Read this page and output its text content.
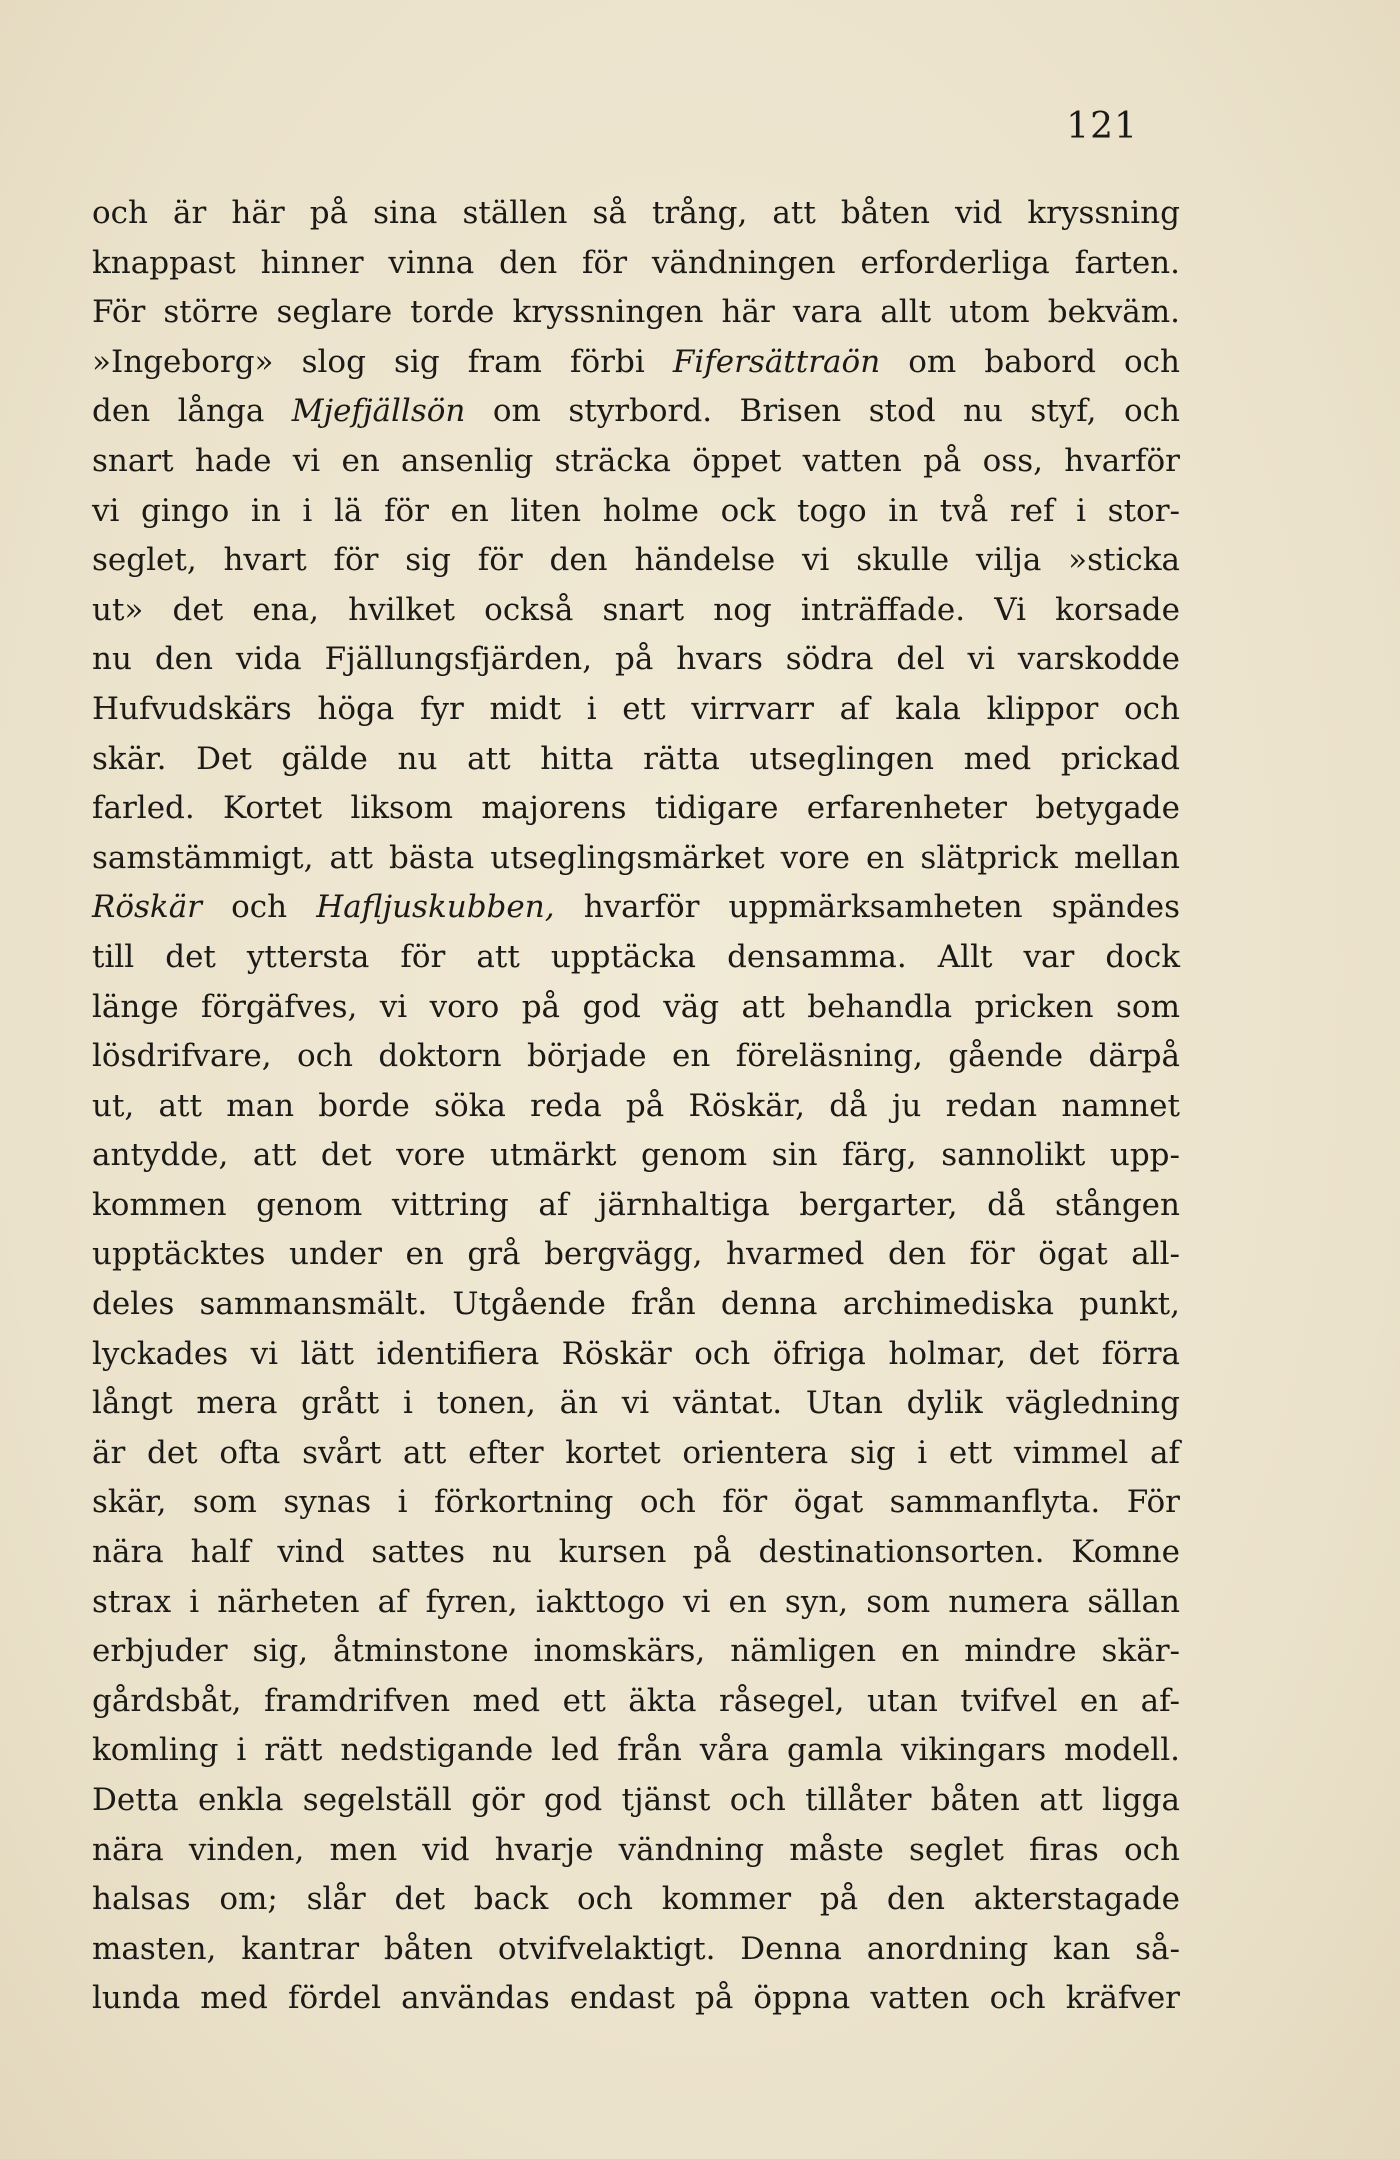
121
och är här på sina ställen så trång, att båten vid kryssning
knappast hinner vinna den för vändningen erforderliga farten.
För större seglare torde kryssningen här vara allt utom bekväm.
»Ingeborg» slog sig fram förbi Fifersättraön om babord och
den långa Mjefjällsön om styrbord. Brisen stod nu styf, och
snart hade vi en ansenlig sträcka öppet vatten på oss, hvarför
vi gingo in i lä för en liten holme ock togo in två ref i stor-
seglet, hvart för sig för den händelse vi skulle vilja »sticka
ut» det ena, hvilket också snart nog inträffade. Vi korsade
nu den vida Fjällungsfjärden, på hvars södra del vi varskodde
Hufvudskärs höga fyr midt i ett virrvarr af kala klippor och
skär. Det gälde nu att hitta rätta utseglingen med prickad
farled. Kortet liksom majorens tidigare erfarenheter betygade
samstämmigt, att bästa utseglingsmärket vore en slätprick mellan
Röskär och Hafljuskubben, hvarför uppmärksamheten spändes
till det yttersta för att upptäcka densamma. Allt var dock
länge förgäfves, vi voro på god väg att behandla pricken som
lösdrifvare, och doktorn började en föreläsning, gående därpå
ut, att man borde söka reda på Röskär, då ju redan namnet
antydde, att det vore utmärkt genom sin färg, sannolikt upp-
kommen genom vittring af järnhaltiga bergarter, då stången
upptäcktes under en grå bergvägg, hvarmed den för ögat all-
deles sammansmält. Utgående från denna archimediska punkt,
lyckades vi lätt identifiera Röskär och öfriga holmar, det förra
långt mera grått i tonen, än vi väntat. Utan dylik vägledning
är det ofta svårt att efter kortet orientera sig i ett vimmel af
skär, som synas i förkortning och för ögat sammanflyta. För
nära half vind sattes nu kursen på destinationsorten. Komne
strax i närheten af fyren, iakttogo vi en syn, som numera sällan
erbjuder sig, åtminstone inomskärs, nämligen en mindre skär-
gårdsbåt, framdrifven med ett äkta råsegel, utan tvifvel en af-
komling i rätt nedstigande led från våra gamla vikingars modell.
Detta enkla segelställ gör god tjänst och tillåter båten att ligga
nära vinden, men vid hvarje vändning måste seglet firas och
halsas om; slår det back och kommer på den akterstagade
masten, kantrar båten otvifvelaktigt. Denna anordning kan så-
lunda med fördel användas endast på öppna vatten och kräfver
